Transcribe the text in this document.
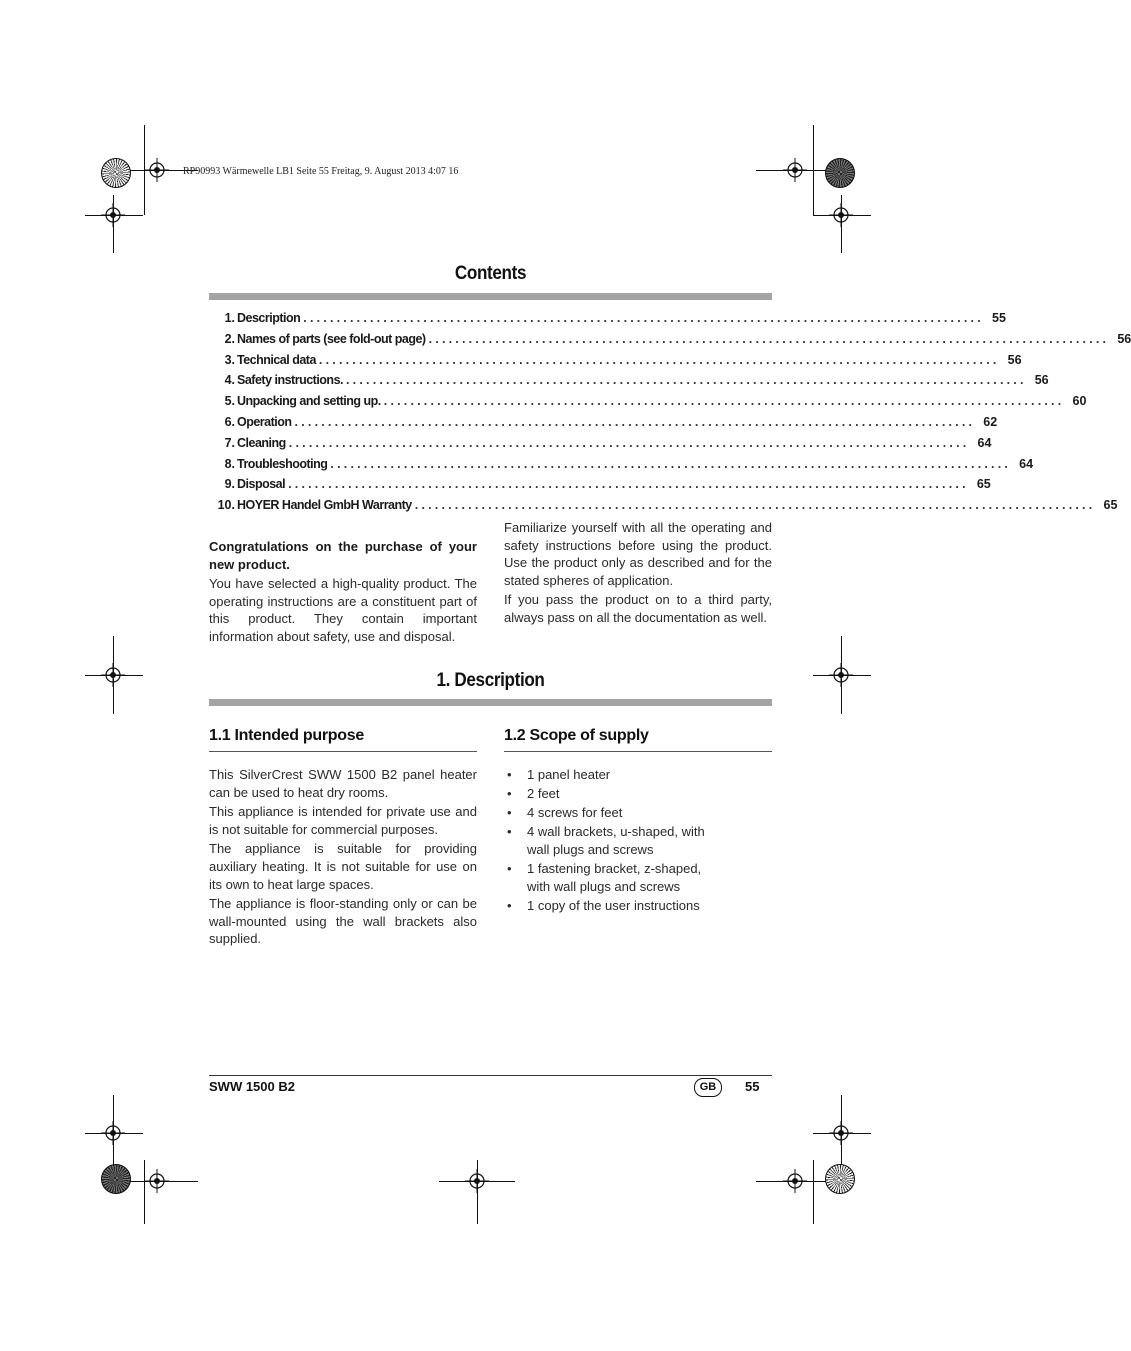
RP90993 Wärmewelle LB1 Seite 55 Freitag, 9. August 2013 4:07 16
Contents
1. Description ...................................................................................................... 55
2. Names of parts (see fold-out page) ...................................................................................................... 56
3. Technical data ...................................................................................................... 56
4. Safety instructions. ...................................................................................................... 56
5. Unpacking and setting up. ...................................................................................................... 60
6. Operation ...................................................................................................... 62
7. Cleaning ...................................................................................................... 64
8. Troubleshooting ...................................................................................................... 64
9. Disposal ...................................................................................................... 65
10. HOYER Handel GmbH Warranty ...................................................................................................... 65

Congratulations on the purchase of your new product.

You have selected a high-quality product. The operating instructions are a constituent part of this product. They contain important information about safety, use and disposal.

Familiarize yourself with all the operating and safety instructions before using the product. Use the product only as described and for the stated spheres of application.

If you pass the product on to a third party, always pass on all the documentation as well.

1. Description
1.1 Intended purpose	1.2 Scope of supply

This SilverCrest SWW 1500 B2 panel heater can be used to heat dry rooms.

This appliance is intended for private use and is not suitable for commercial purposes.

The appliance is suitable for providing auxiliary heating. It is not suitable for use on its own to heat large spaces.

The appliance is floor-standing only or can be wall-mounted using the wall brackets also supplied.

• 1 panel heater
• 2 feet
• 4 screws for feet
• 4 wall brackets, u-shaped, with wall plugs and screws
• 1 fastening bracket, z-shaped, with wall plugs and screws
• 1 copy of the user instructions
SWW 1500 B2	GB	55
